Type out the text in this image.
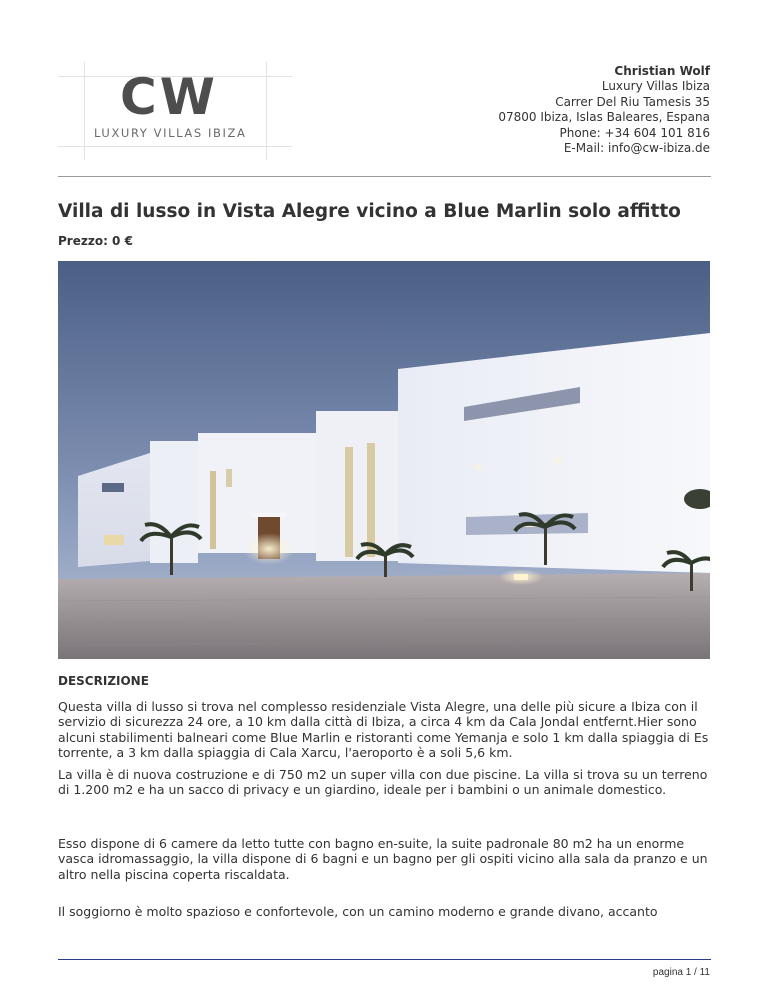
CW
LUXURY VILLAS IBIZA
Christian Wolf
Luxury Villas Ibiza
Carrer Del Riu Tamesis 35
07800 Ibiza, Islas Baleares, Espana
Phone: +34 604 101 816
E-Mail: info@cw-ibiza.de
Villa di lusso in Vista Alegre vicino a Blue Marlin solo affitto
Prezzo: 0 €
DESCRIZIONE

Questa villa di lusso si trova nel complesso residenziale Vista Alegre, una delle più sicure a Ibiza con il servizio di sicurezza 24 ore, a 10 km dalla città di Ibiza, a circa 4 km da Cala Jondal entfernt.Hier sono alcuni stabilimenti balneari come Blue Marlin e ristoranti come Yemanja e solo 1 km dalla spiaggia di Es torrente, a 3 km dalla spiaggia di Cala Xarcu, l'aeroporto è a soli 5,6 km.

La villa è di nuova costruzione e di 750 m2 un super villa con due piscine. La villa si trova su un terreno di 1.200 m2 e ha un sacco di privacy e un giardino, ideale per i bambini o un animale domestico.

Esso dispone di 6 camere da letto tutte con bagno en-suite, la suite padronale 80 m2 ha un enorme vasca idromassaggio, la villa dispone di 6 bagni e un bagno per gli ospiti vicino alla sala da pranzo e un altro nella piscina coperta riscaldata.

Il soggiorno è molto spazioso e confortevole, con un camino moderno e grande divano, accanto

pagina 1 / 11
